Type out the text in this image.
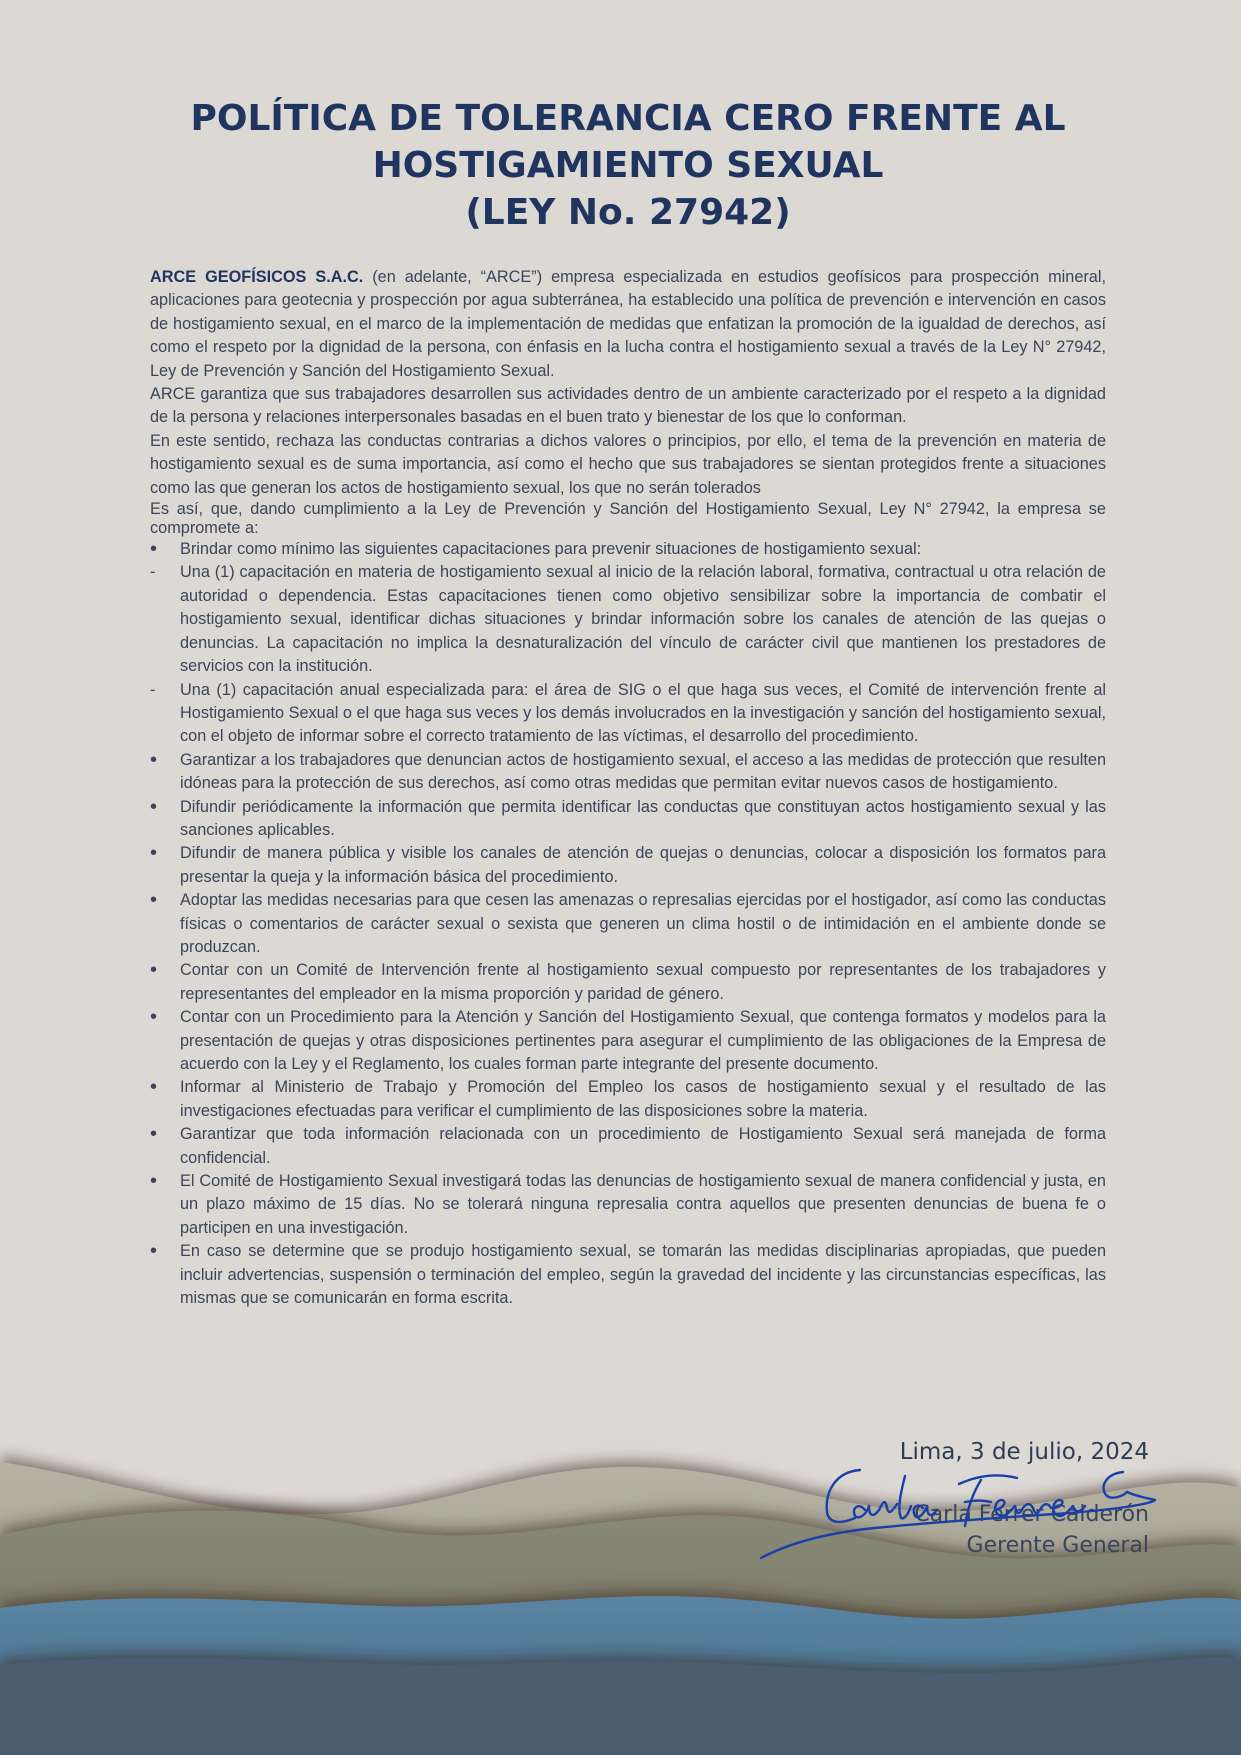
POLÍTICA DE TOLERANCIA CERO FRENTE AL
HOSTIGAMIENTO SEXUAL
(LEY No. 27942)

ARCE GEOFÍSICOS S.A.C. (en adelante, “ARCE”) empresa especializada en estudios geofísicos para prospección mineral, aplicaciones para geotecnia y prospección por agua subterránea, ha establecido una política de prevención e intervención en casos de hostigamiento sexual, en el marco de la implementación de medidas que enfatizan la promoción de la igualdad de derechos, así como el respeto por la dignidad de la persona, con énfasis en la lucha contra el hostigamiento sexual a través de la Ley N° 27942, Ley de Prevención y Sanción del Hostigamiento Sexual.

ARCE garantiza que sus trabajadores desarrollen sus actividades dentro de un ambiente caracterizado por el respeto a la dignidad de la persona y relaciones interpersonales basadas en el buen trato y bienestar de los que lo conforman.

En este sentido, rechaza las conductas contrarias a dichos valores o principios, por ello, el tema de la prevención en materia de hostigamiento sexual es de suma importancia, así como el hecho que sus trabajadores se sientan protegidos frente a situaciones como las que generan los actos de hostigamiento sexual, los que no serán tolerados

Es así, que, dando cumplimiento a la Ley de Prevención y Sanción del Hostigamiento Sexual, Ley N° 27942, la empresa se compromete a:

•
Brindar como mínimo las siguientes capacitaciones para prevenir situaciones de hostigamiento sexual:
-
Una (1) capacitación en materia de hostigamiento sexual al inicio de la relación laboral, formativa, contractual u otra relación de autoridad o dependencia. Estas capacitaciones tienen como objetivo sensibilizar sobre la importancia de combatir el hostigamiento sexual, identificar dichas situaciones y brindar información sobre los canales de atención de las quejas o denuncias. La capacitación no implica la desnaturalización del vínculo de carácter civil que mantienen los prestadores de servicios con la institución.
-
Una (1) capacitación anual especializada para: el área de SIG o el que haga sus veces, el Comité de intervención frente al Hostigamiento Sexual o el que haga sus veces y los demás involucrados en la investigación y sanción del hostigamiento sexual, con el objeto de informar sobre el correcto tratamiento de las víctimas, el desarrollo del procedimiento.
•
Garantizar a los trabajadores que denuncian actos de hostigamiento sexual, el acceso a las medidas de protección que resulten idóneas para la protección de sus derechos, así como otras medidas que permitan evitar nuevos casos de hostigamiento.
•
Difundir periódicamente la información que permita identificar las conductas que constituyan actos hostigamiento sexual y las sanciones aplicables.
•
Difundir de manera pública y visible los canales de atención de quejas o denuncias, colocar a disposición los formatos para presentar la queja y la información básica del procedimiento.
•
Adoptar las medidas necesarias para que cesen las amenazas o represalias ejercidas por el hostigador, así como las conductas físicas o comentarios de carácter sexual o sexista que generen un clima hostil o de intimidación en el ambiente donde se produzcan.
•
Contar con un Comité de Intervención frente al hostigamiento sexual compuesto por representantes de los trabajadores y representantes del empleador en la misma proporción y paridad de género.
•
Contar con un Procedimiento para la Atención y Sanción del Hostigamiento Sexual, que contenga formatos y modelos para la presentación de quejas y otras disposiciones pertinentes para asegurar el cumplimiento de las obligaciones de la Empresa de acuerdo con la Ley y el Reglamento, los cuales forman parte integrante del presente documento.
•
Informar al Ministerio de Trabajo y Promoción del Empleo los casos de hostigamiento sexual y el resultado de las investigaciones efectuadas para verificar el cumplimiento de las disposiciones sobre la materia.
•
Garantizar que toda información relacionada con un procedimiento de Hostigamiento Sexual será manejada de forma confidencial.
•
El Comité de Hostigamiento Sexual investigará todas las denuncias de hostigamiento sexual de manera confidencial y justa, en un plazo máximo de 15 días. No se tolerará ninguna represalia contra aquellos que presenten denuncias de buena fe o participen en una investigación.
•
En caso se determine que se produjo hostigamiento sexual, se tomarán las medidas disciplinarias apropiadas, que pueden incluir advertencias, suspensión o terminación del empleo, según la gravedad del incidente y las circunstancias específicas, las mismas que se comunicarán en forma escrita.
Lima, 3 de julio, 2024
Carla Ferrer Calderón
Gerente General
